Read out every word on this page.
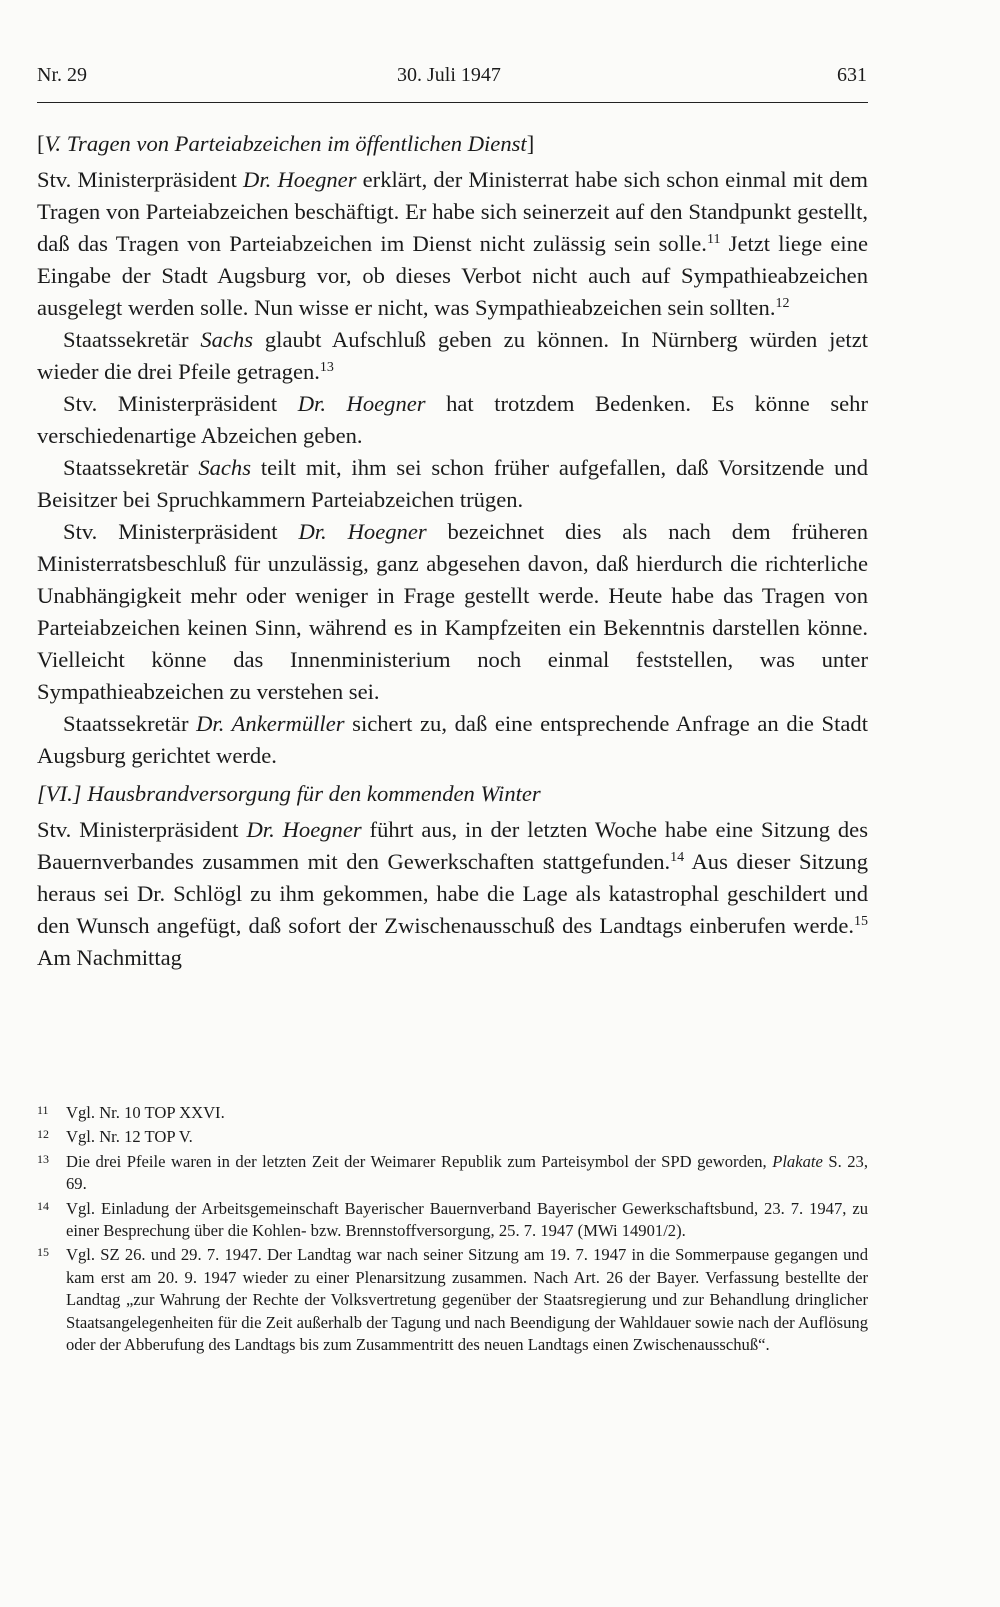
Nr. 29	30. Juli 1947	631

[V. Tragen von Parteiabzeichen im öffentlichen Dienst]

Stv. Ministerpräsident Dr. Hoegner erklärt, der Ministerrat habe sich schon einmal mit dem Tragen von Parteiabzeichen beschäftigt. Er habe sich seinerzeit auf den Standpunkt gestellt, daß das Tragen von Parteiabzeichen im Dienst nicht zulässig sein solle.$^{11}$ Jetzt liege eine Eingabe der Stadt Augsburg vor, ob dieses Verbot nicht auch auf Sympathieabzeichen ausgelegt werden solle. Nun wisse er nicht, was Sympathieabzeichen sein sollten.$^{12}$

Staatssekretär Sachs glaubt Aufschluß geben zu können. In Nürnberg würden jetzt wieder die drei Pfeile getragen.$^{13}$

Stv. Ministerpräsident Dr. Hoegner hat trotzdem Bedenken. Es könne sehr verschiedenartige Abzeichen geben.

Staatssekretär Sachs teilt mit, ihm sei schon früher aufgefallen, daß Vorsitzende und Beisitzer bei Spruchkammern Parteiabzeichen trügen.

Stv. Ministerpräsident Dr. Hoegner bezeichnet dies als nach dem früheren Ministerratsbeschluß für unzulässig, ganz abgesehen davon, daß hierdurch die richterliche Unabhängigkeit mehr oder weniger in Frage gestellt werde. Heute habe das Tragen von Parteiabzeichen keinen Sinn, während es in Kampfzeiten ein Bekenntnis darstellen könne. Vielleicht könne das Innenministerium noch einmal feststellen, was unter Sympathieabzeichen zu verstehen sei.

Staatssekretär Dr. Ankermüller sichert zu, daß eine entsprechende Anfrage an die Stadt Augsburg gerichtet werde.

[VI.] Hausbrandversorgung für den kommenden Winter

Stv. Ministerpräsident Dr. Hoegner führt aus, in der letzten Woche habe eine Sitzung des Bauernverbandes zusammen mit den Gewerkschaften stattgefunden.$^{14}$ Aus dieser Sitzung heraus sei Dr. Schlögl zu ihm gekommen, habe die Lage als katastrophal geschildert und den Wunsch angefügt, daß sofort der Zwischenausschuß des Landtags einberufen werde.$^{15}$ Am Nachmittag

11 Vgl. Nr. 10 TOP XXVI.
12 Vgl. Nr. 12 TOP V.
13 Die drei Pfeile waren in der letzten Zeit der Weimarer Republik zum Parteisymbol der SPD geworden, Plakate S. 23, 69.
14 Vgl. Einladung der Arbeitsgemeinschaft Bayerischer Bauernverband Bayerischer Gewerkschaftsbund, 23. 7. 1947, zu einer Besprechung über die Kohlen- bzw. Brennstoffversorgung, 25. 7. 1947 (MWi 14901/2).
15 Vgl. SZ 26. und 29. 7. 1947. Der Landtag war nach seiner Sitzung am 19. 7. 1947 in die Sommerpause gegangen und kam erst am 20. 9. 1947 wieder zu einer Plenarsitzung zusammen. Nach Art. 26 der Bayer. Verfassung bestellte der Landtag „zur Wahrung der Rechte der Volksvertretung gegenüber der Staatsregierung und zur Behandlung dringlicher Staatsangelegenheiten für die Zeit außerhalb der Tagung und nach Beendigung der Wahldauer sowie nach der Auflösung oder der Abberufung des Landtags bis zum Zusammentritt des neuen Landtags einen Zwischenausschuß“.
